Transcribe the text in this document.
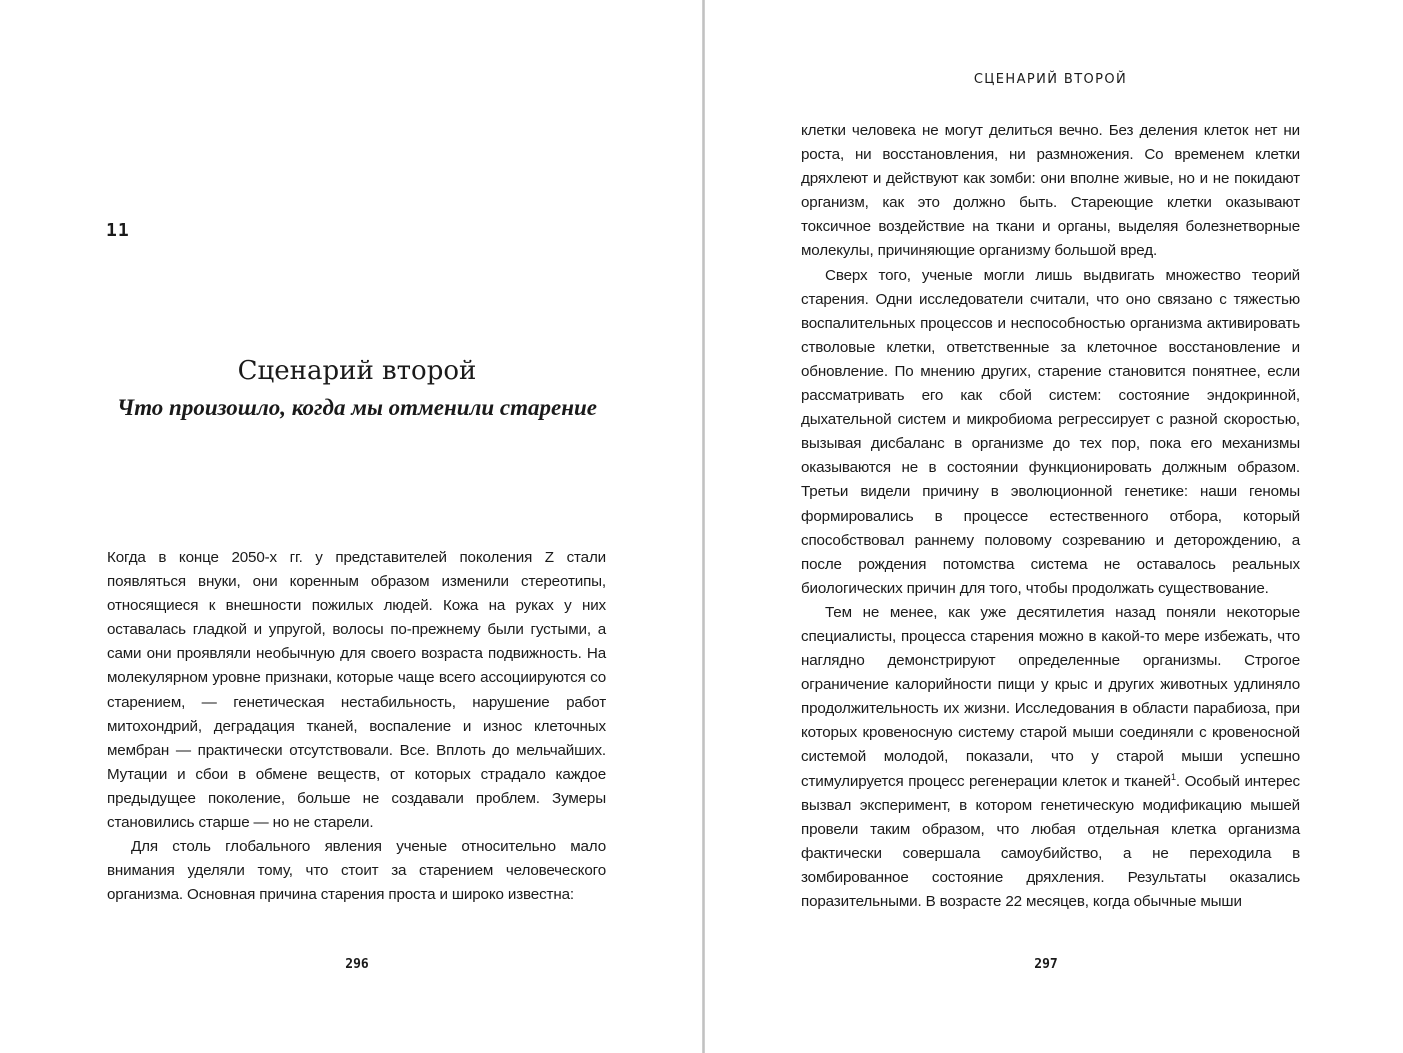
11
Сценарий второй
Что произошло, когда мы отменили старение

Когда в конце 2050-х гг. у представителей поколения Z стали появляться внуки, они коренным образом изменили стереотипы, относящиеся к внешности пожилых людей. Кожа на руках у них оставалась гладкой и упругой, волосы по-прежнему были густыми, а сами они проявляли необычную для своего возраста подвижность. На молекулярном уровне признаки, которые чаще всего ассоциируются со старением, — генетическая нестабильность, нарушение работ митохондрий, деградация тканей, воспаление и износ клеточных мембран — практически отсутствовали. Все. Вплоть до мельчайших. Мутации и сбои в обмене веществ, от которых страдало каждое предыдущее поколение, больше не создавали проблем. Зумеры становились старше — но не старели.

Для столь глобального явления ученые относительно мало внимания уделяли тому, что стоит за старением человеческого организма. Основная причина старения проста и широко известна:

296
СЦЕНАРИЙ ВТОРОЙ

клетки человека не могут делиться вечно. Без деления клеток нет ни роста, ни восстановления, ни размножения. Со временем клетки дряхлеют и действуют как зомби: они вполне живые, но и не покидают организм, как это должно быть. Стареющие клетки оказывают токсичное воздействие на ткани и органы, выделяя болезнетворные молекулы, причиняющие организму большой вред.

Сверх того, ученые могли лишь выдвигать множество теорий старения. Одни исследователи считали, что оно связано с тяжестью воспалительных процессов и неспособностью организма активировать стволовые клетки, ответственные за клеточное восстановление и обновление. По мнению других, старение становится понятнее, если рассматривать его как сбой систем: состояние эндокринной, дыхательной систем и микробиома регрессирует с разной скоростью, вызывая дисбаланс в организме до тех пор, пока его механизмы оказываются не в состоянии функционировать должным образом. Третьи видели причину в эволюционной генетике: наши геномы формировались в процессе естественного отбора, который способствовал раннему половому созреванию и деторождению, а после рождения потомства система не оставалось реальных биологических причин для того, чтобы продолжать существование.

Тем не менее, как уже десятилетия назад поняли некоторые специалисты, процесса старения можно в какой-то мере избежать, что наглядно демонстрируют определенные организмы. Строгое ограничение калорийности пищи у крыс и других животных удлиняло продолжительность их жизни. Исследования в области парабиоза, при которых кровеносную систему старой мыши соединяли с кровеносной системой молодой, показали, что у старой мыши успешно стимулируется процесс регенерации клеток и тканей$^1$. Особый интерес вызвал эксперимент, в котором генетическую модификацию мышей провели таким образом, что любая отдельная клетка организма фактически совершала самоубийство, а не переходила в зомбированное состояние дряхления. Результаты оказались поразительными. В возрасте 22 месяцев, когда обычные мыши

297
